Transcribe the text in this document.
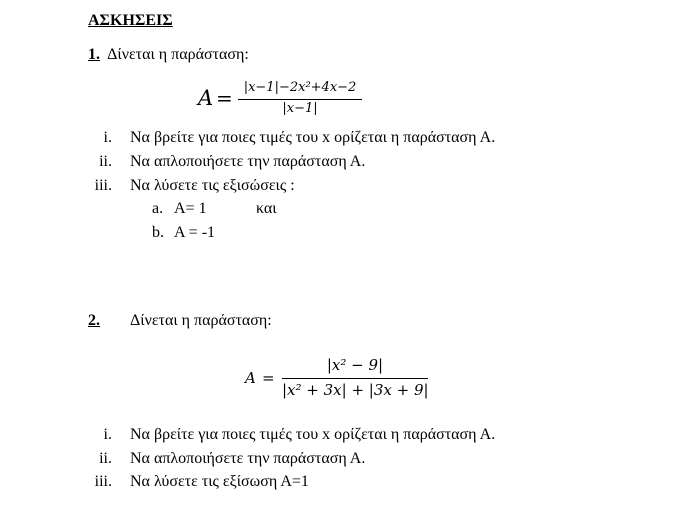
ΑΣΚΗΣΕΙΣ
1. Δίνεται η παράσταση:
A = |x−1|−2x²+4x−2
|x−1|
i. Να βρείτε για ποιες τιμές του x ορίζεται η παράσταση Α.
ii. Να απλοποιήσετε την παράσταση Α.
iii. Να λύσετε τις εξισώσεις :
a. Α= 1	και
b. Α = -1
2. Δίνεται η παράσταση:
A =
|x² − 9|
|x² + 3x| + |3x + 9|
i. Να βρείτε για ποιες τιμές του x ορίζεται η παράσταση Α.
ii. Να απλοποιήσετε την παράσταση Α.
iii. Να λύσετε τις εξίσωση Α=1
